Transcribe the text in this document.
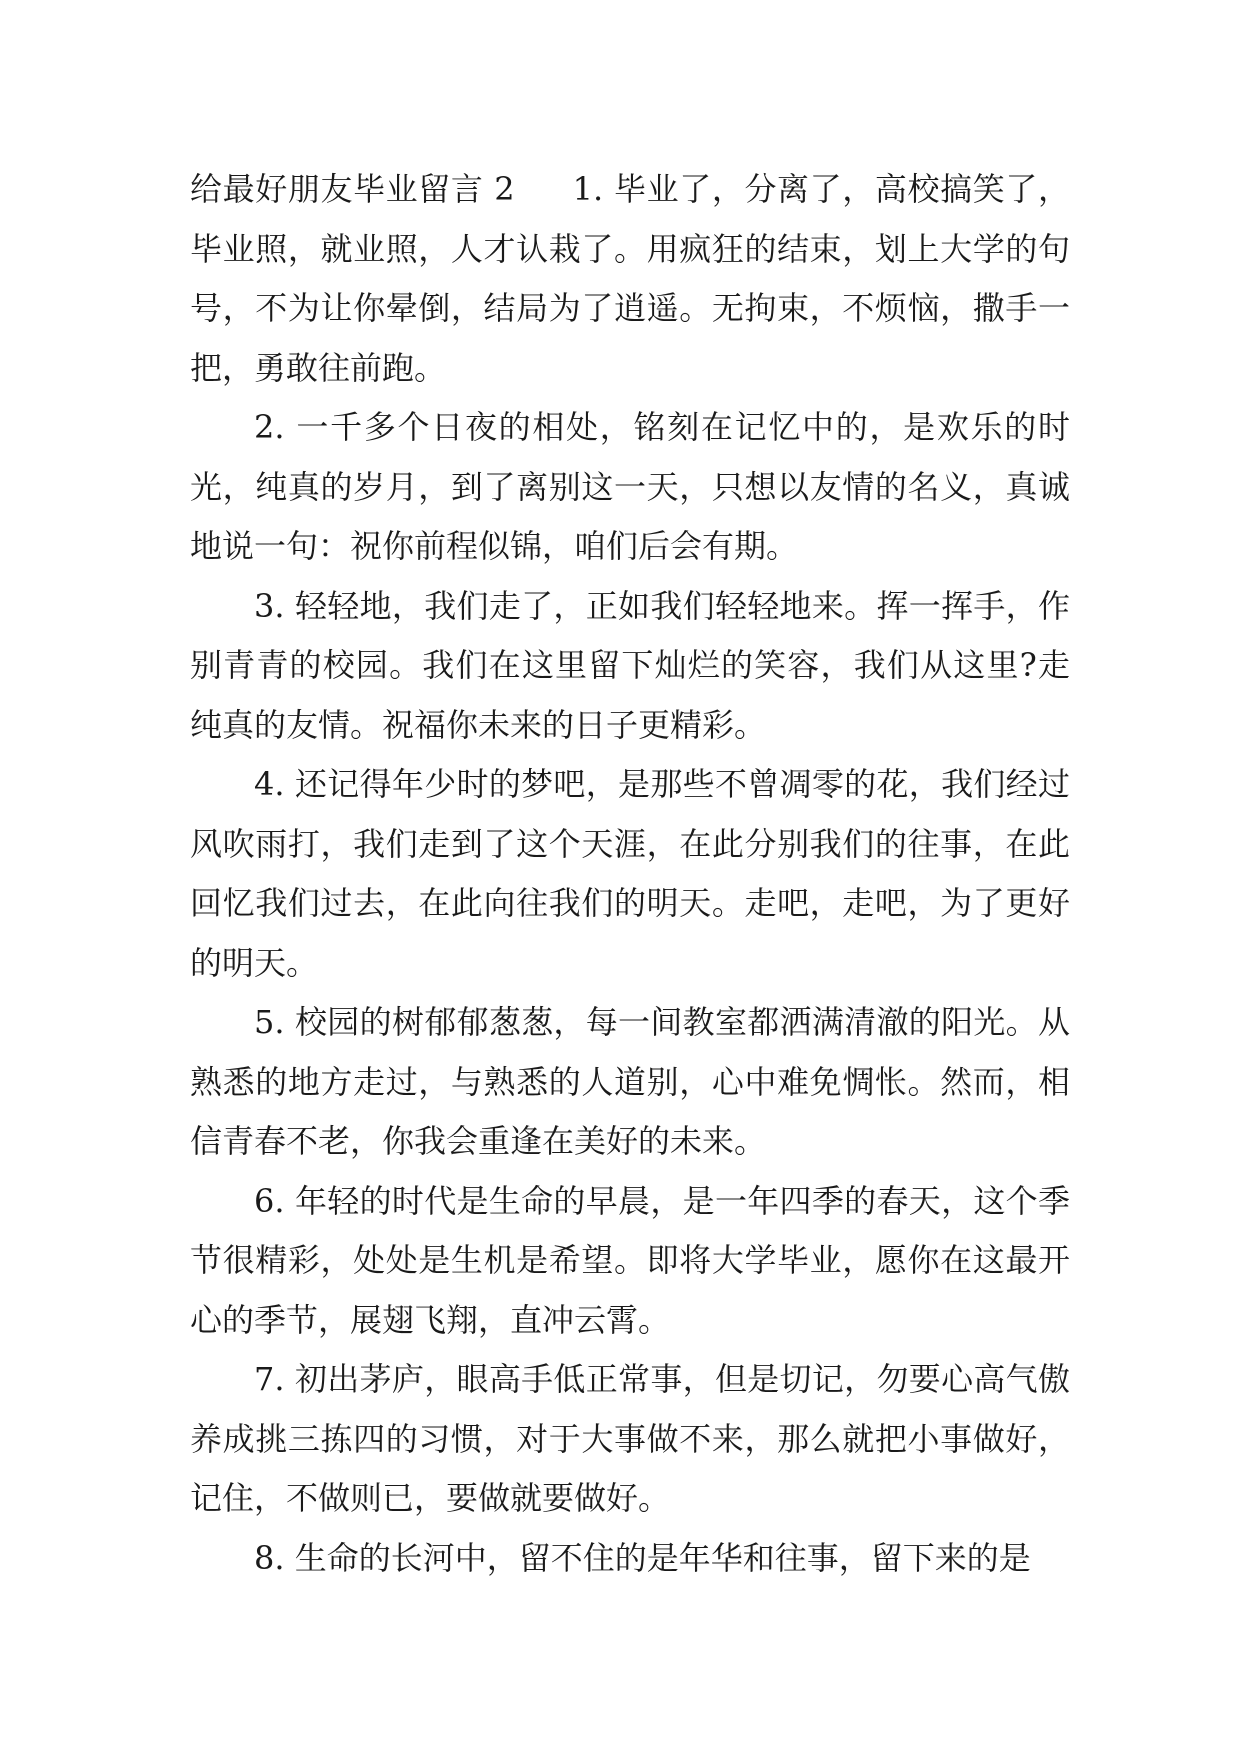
给最好朋友毕业留言 2 1. 毕业了，分离了，高校搞笑了，毕业照，就业照，人才认栽了。用疯狂的结束，划上大学的句号，不为让你晕倒，结局为了逍遥。无拘束，不烦恼，撒手一把，勇敢往前跑。

2. 一千多个日夜的相处，铭刻在记忆中的，是欢乐的时光，纯真的岁月，到了离别这一天，只想以友情的名义，真诚地说一句：祝你前程似锦，咱们后会有期。

3. 轻轻地，我们走了，正如我们轻轻地来。挥一挥手，作别青青的校园。我们在这里留下灿烂的笑容，我们从这里?走纯真的友情。祝福你未来的日子更精彩。

4. 还记得年少时的梦吧，是那些不曾凋零的花，我们经过风吹雨打，我们走到了这个天涯，在此分别我们的往事，在此回忆我们过去，在此向往我们的明天。走吧，走吧，为了更好的明天。

5. 校园的树郁郁葱葱，每一间教室都洒满清澈的阳光。从熟悉的地方走过，与熟悉的人道别，心中难免惆怅。然而，相信青春不老，你我会重逢在美好的未来。

6. 年轻的时代是生命的早晨，是一年四季的春天，这个季节很精彩，处处是生机是希望。即将大学毕业，愿你在这最开心的季节，展翅飞翔，直冲云霄。

7. 初出茅庐，眼高手低正常事，但是切记，勿要心高气傲养成挑三拣四的习惯，对于大事做不来，那么就把小事做好，记住，不做则已，要做就要做好。

8. 生命的长河中，留不住的是年华和往事，留下来的是
